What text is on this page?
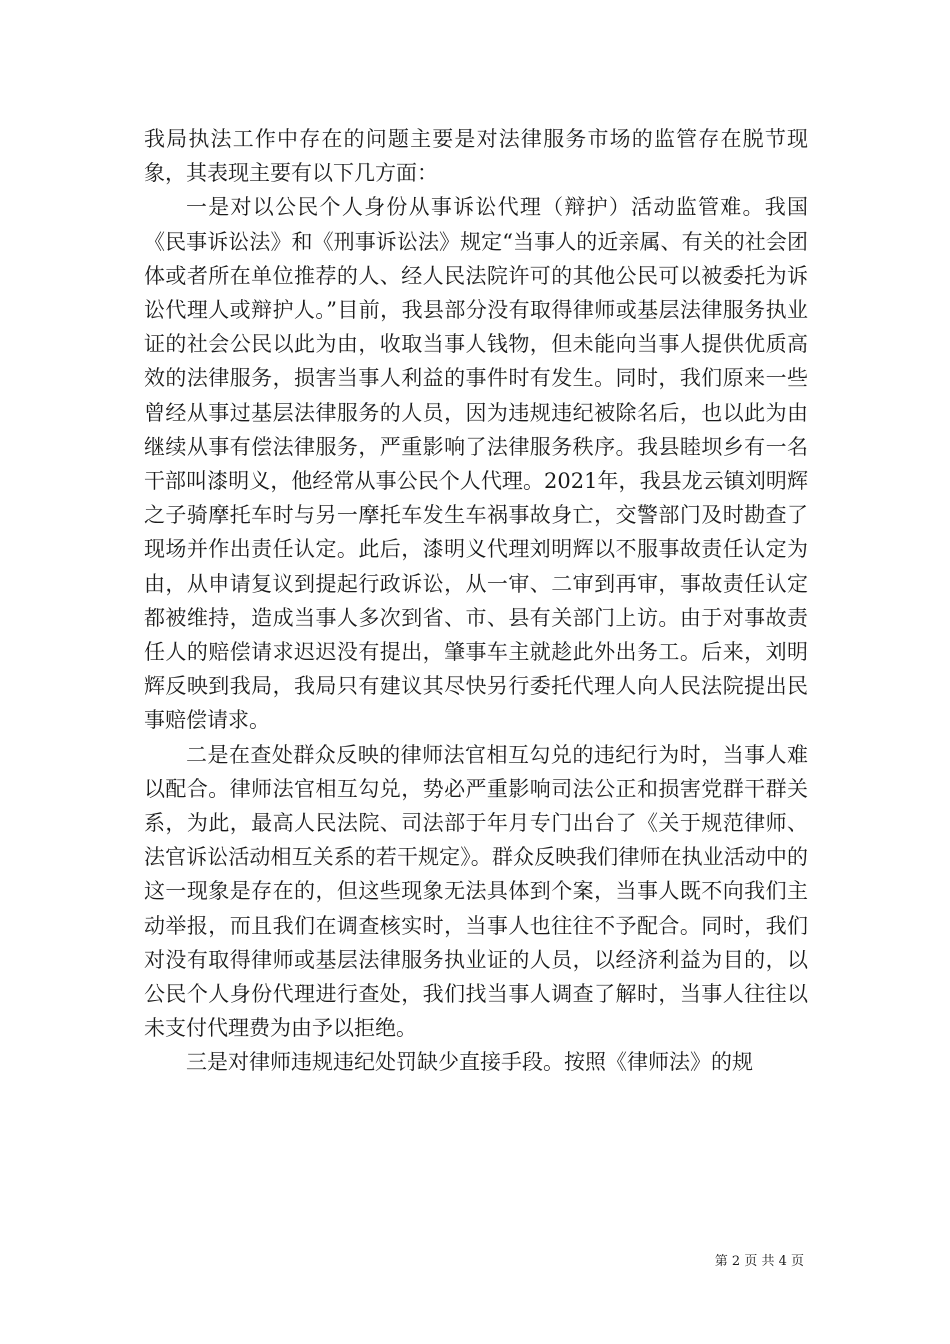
我局执法工作中存在的问题主要是对法律服务市场的监管存在脱节现象，其表现主要有以下几方面：

一是对以公民个人身份从事诉讼代理（辩护）活动监管难。我国《民事诉讼法》和《刑事诉讼法》规定“当事人的近亲属、有关的社会团体或者所在单位推荐的人、经人民法院许可的其他公民可以被委托为诉讼代理人或辩护人。”目前，我县部分没有取得律师或基层法律服务执业证的社会公民以此为由，收取当事人钱物，但未能向当事人提供优质高效的法律服务，损害当事人利益的事件时有发生。同时，我们原来一些曾经从事过基层法律服务的人员，因为违规违纪被除名后，也以此为由继续从事有偿法律服务，严重影响了法律服务秩序。我县睦坝乡有一名干部叫漆明义，他经常从事公民个人代理。2021年，我县龙云镇刘明辉之子骑摩托车时与另一摩托车发生车祸事故身亡，交警部门及时勘查了现场并作出责任认定。此后，漆明义代理刘明辉以不服事故责任认定为由，从申请复议到提起行政诉讼，从一审、二审到再审，事故责任认定都被维持，造成当事人多次到省、市、县有关部门上访。由于对事故责任人的赔偿请求迟迟没有提出，肇事车主就趁此外出务工。后来，刘明辉反映到我局，我局只有建议其尽快另行委托代理人向人民法院提出民事赔偿请求。

二是在查处群众反映的律师法官相互勾兑的违纪行为时，当事人难以配合。律师法官相互勾兑，势必严重影响司法公正和损害党群干群关系，为此，最高人民法院、司法部于年月专门出台了《关于规范律师、法官诉讼活动相互关系的若干规定》。群众反映我们律师在执业活动中的这一现象是存在的，但这些现象无法具体到个案，当事人既不向我们主动举报，而且我们在调查核实时，当事人也往往不予配合。同时，我们对没有取得律师或基层法律服务执业证的人员，以经济利益为目的，以公民个人身份代理进行查处，我们找当事人调查了解时，当事人往往以未支付代理费为由予以拒绝。

三是对律师违规违纪处罚缺少直接手段。按照《律师法》的规

第 2 页 共 4 页
